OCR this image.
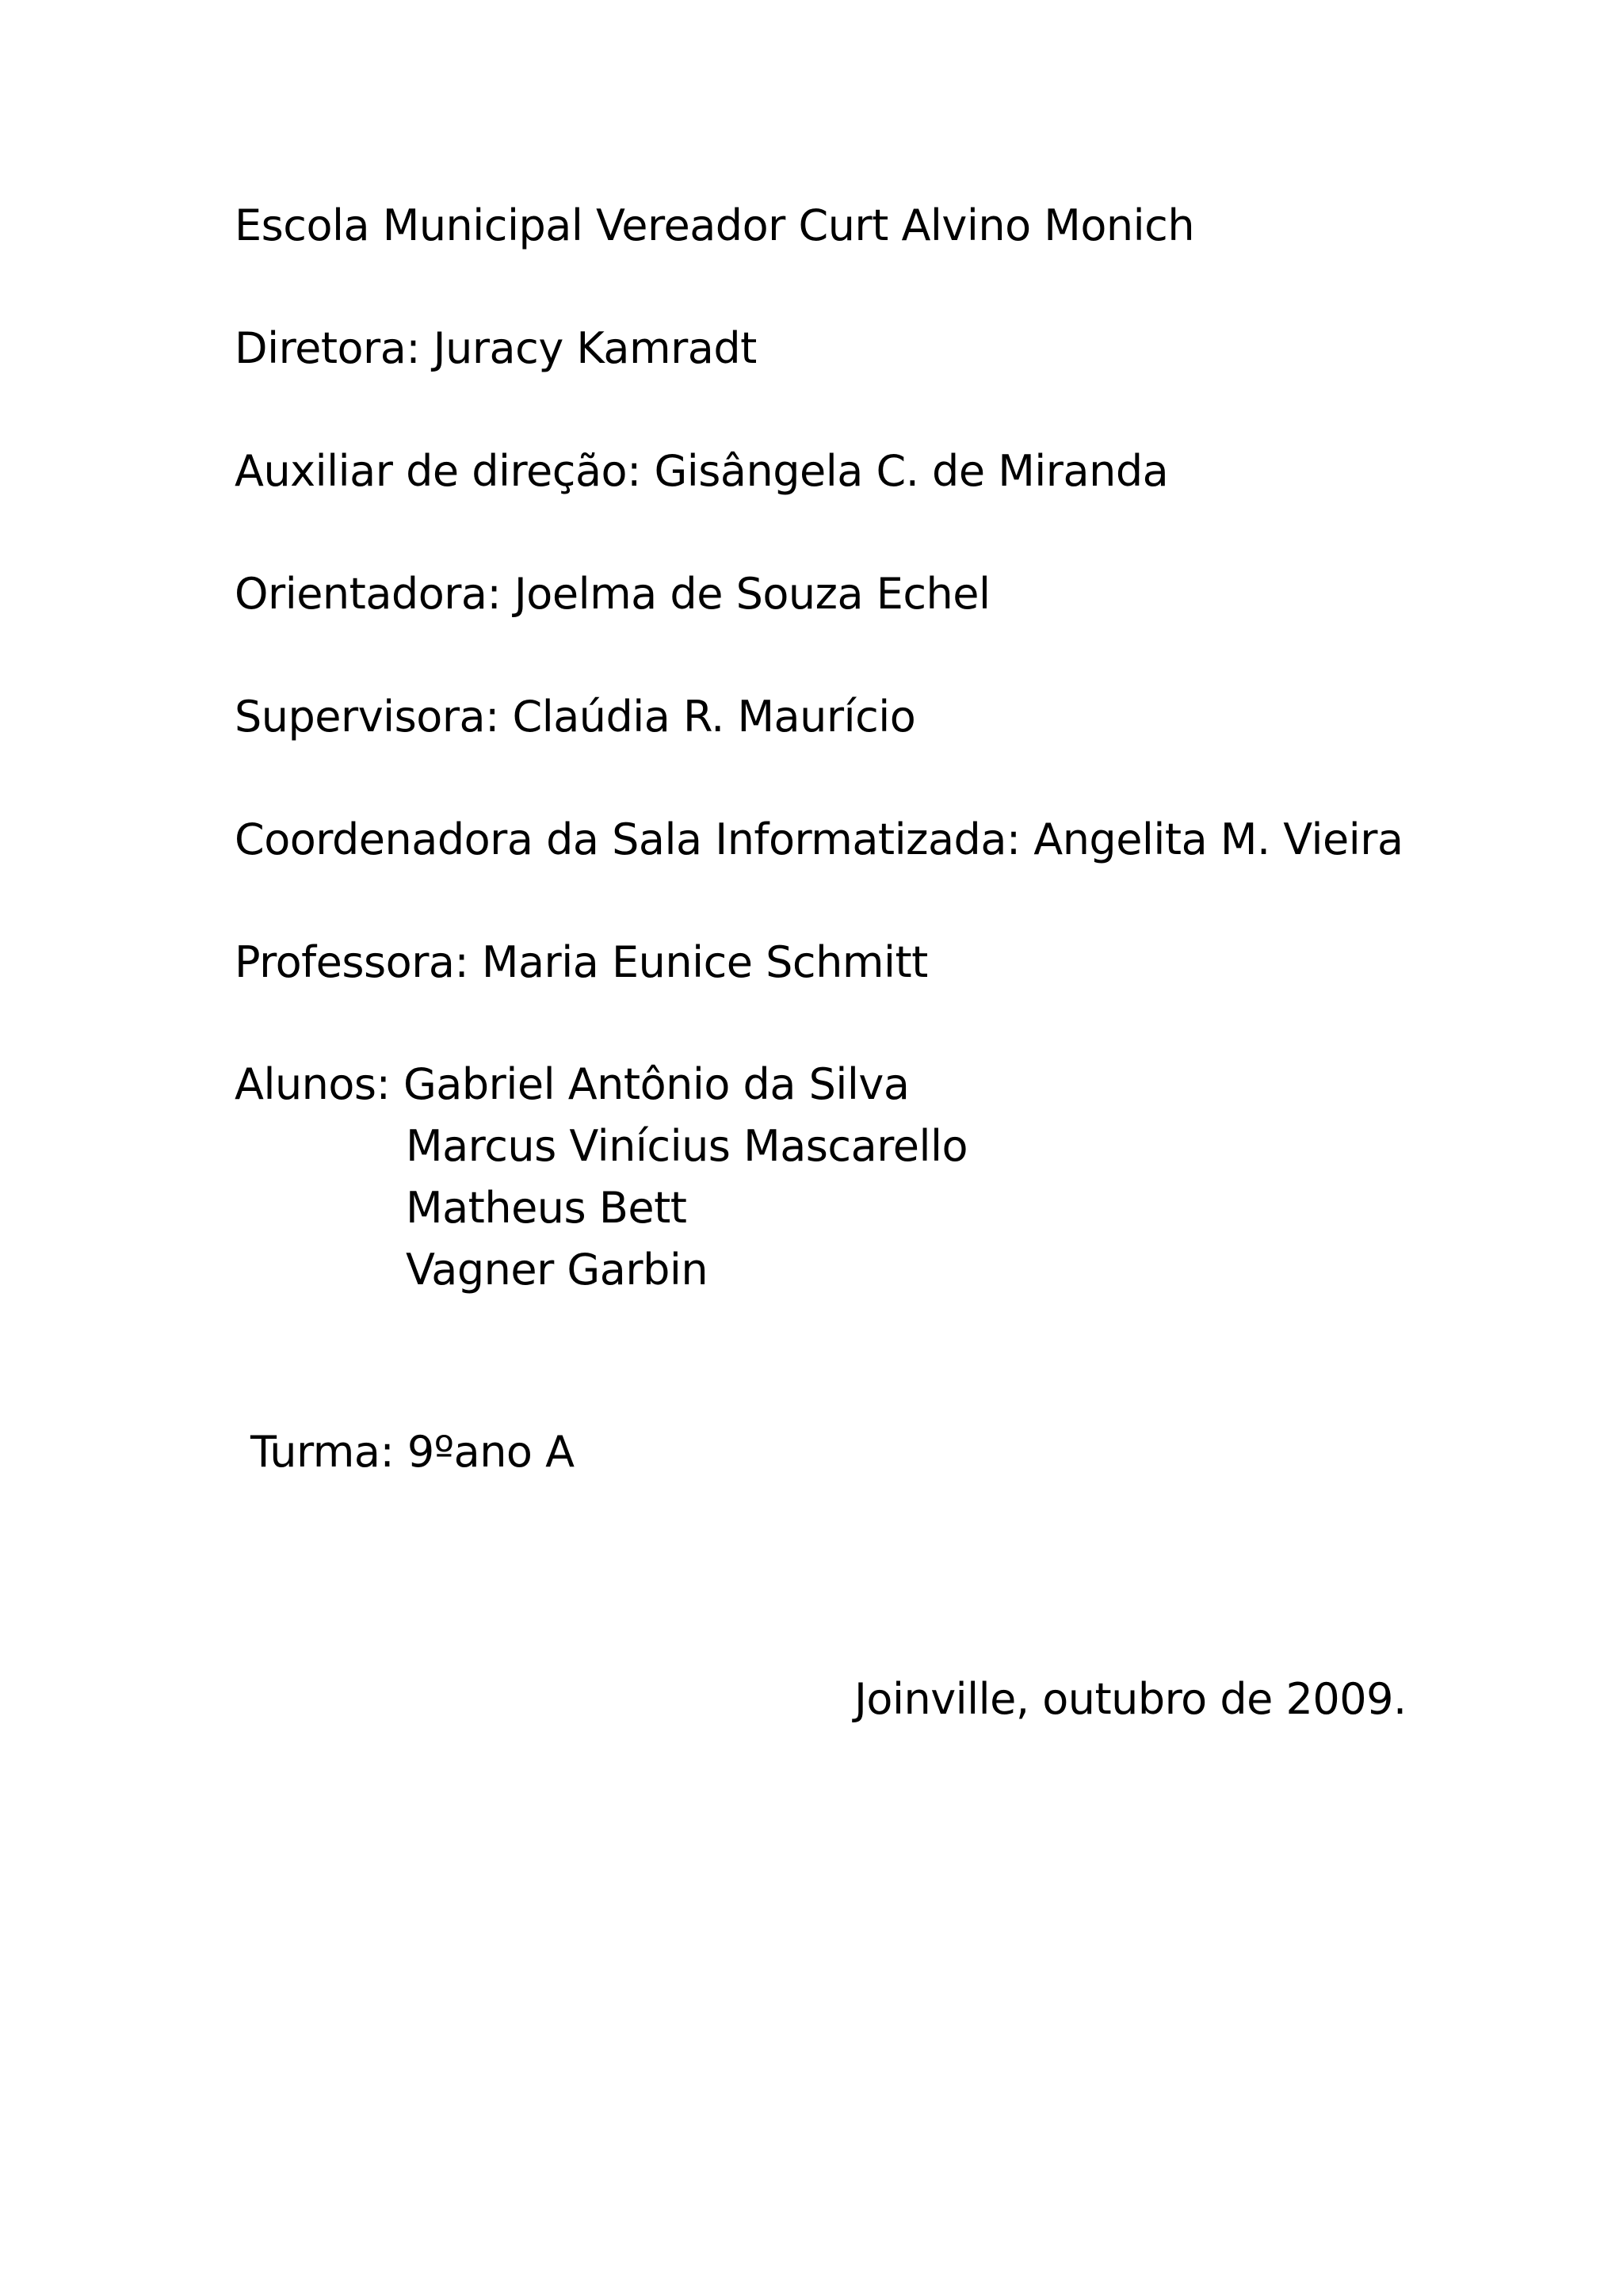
Escola Municipal Vereador Curt Alvino Monich
Diretora: Juracy Kamradt
Auxiliar de direção: Gisângela C. de Miranda
Orientadora: Joelma de Souza Echel
Supervisora: Claúdia R. Maurício
Coordenadora da Sala Informatizada: Angelita M. Vieira
Professora: Maria Eunice Schmitt
Alunos:
Gabriel Antônio da Silva
Marcus Vinícius Mascarello
Matheus Bett
Vagner Garbin
Turma: 9ºano A
Joinville, outubro de 2009.
